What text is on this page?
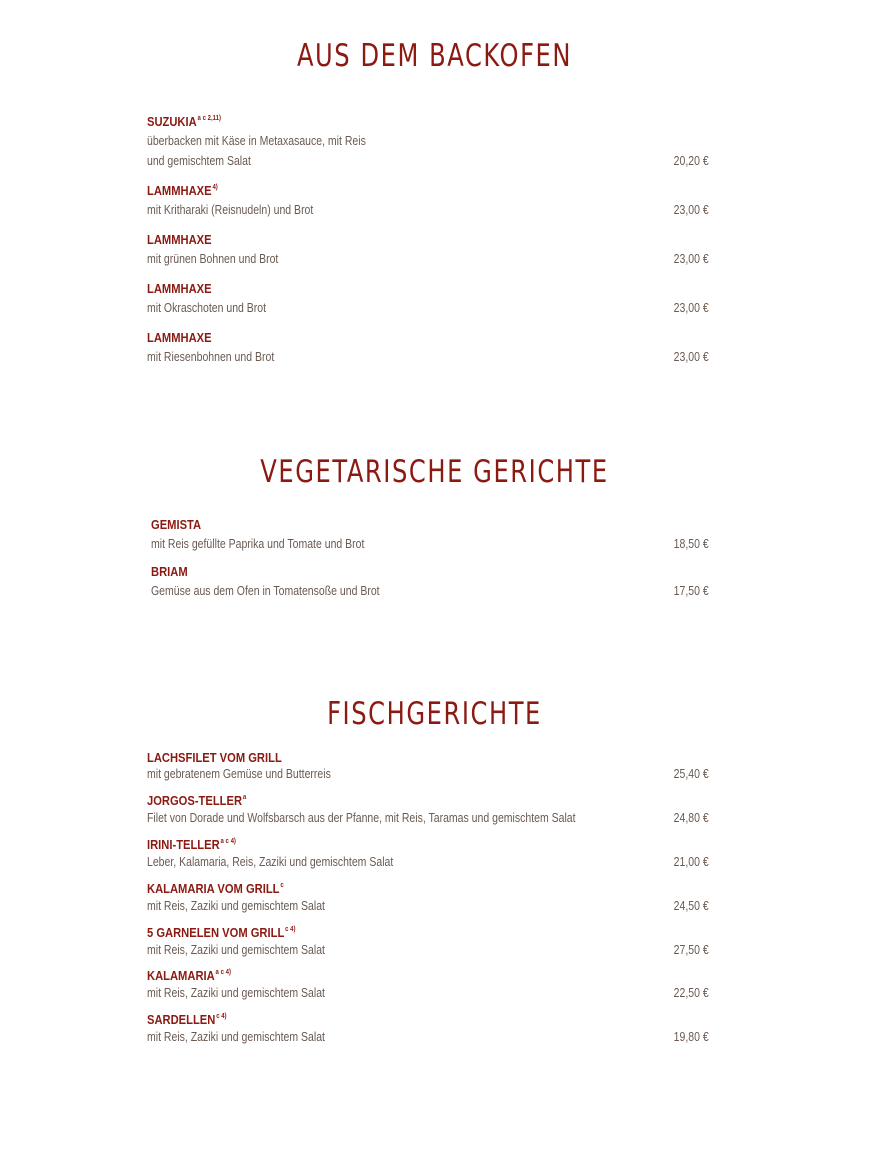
AUS DEM BACKOFEN
$SUZUKIA^{a c 2,11)}$
überbacken mit Käse in Metaxasauce, mit Reis
und gemischtem Salat	20,20 €
LAMMHAXE$^{4)}$
mit Kritharaki (Reisnudeln) und Brot	23,00 €
LAMMHAXE
mit grünen Bohnen und Brot	23,00 €
LAMMHAXE
mit Okraschoten und Brot	23,00 €
LAMMHAXE
mit Riesenbohnen und Brot	23,00 €
VEGETARISCHE GERICHTE
GEMISTA
mit Reis gefüllte Paprika und Tomate und Brot	18,50 €
BRIAM
Gemüse aus dem Ofen in Tomatensoße und Brot	17,50 €
FISCHGERICHTE
LACHSFILET VOM GRILL
mit gebratenem Gemüse und Butterreis	25,40 €
JORGOS-TELLER$^a$
Filet von Dorade und Wolfsbarsch aus der Pfanne, mit Reis, Taramas und gemischtem Salat	24,80 €
IRINI-$TELLER^{a c 4)}$
Leber, Kalamaria, Reis, Zaziki und gemischtem Salat	21,00 €
KALAMARIA VOM GRILL$^c$
mit Reis, Zaziki und gemischtem Salat	24,50 €
5 GARNELEN VOM $GRILL^{c 4)}$
mit Reis, Zaziki und gemischtem Salat	27,50 €
$KALAMARIA^{a c 4)}$
mit Reis, Zaziki und gemischtem Salat	22,50 €
$SARDELLEN^{c 4)}$
mit Reis, Zaziki und gemischtem Salat	19,80 €
